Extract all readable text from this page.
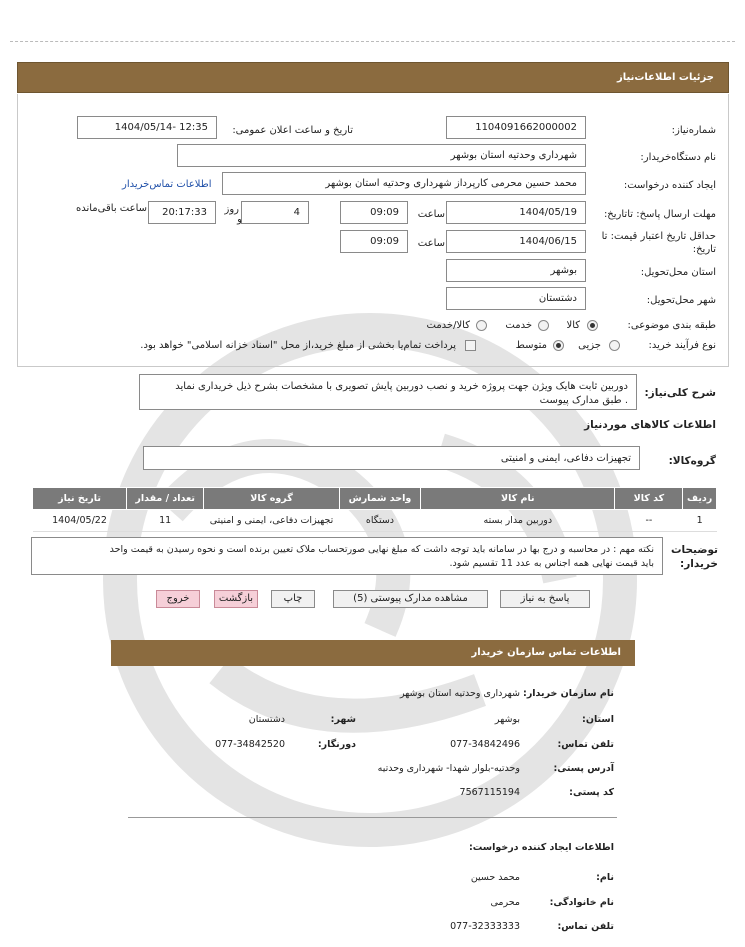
جزئیات اطلاعات‌نیاز
شماره‌نیاز:
1104091662000002
تاریخ و ساعت اعلان عمومی:
1404/05/14- 12:35
نام دستگاه‌خریدار:
شهرداری وحدتیه استان بوشهر
ایجاد کننده درخواست:
محمد حسین محرمی کارپرداز شهرداری وحدتیه استان بوشهر
اطلاعات تماس‌خریدار
مهلت ارسال پاسخ: تاتاریخ:
1404/05/19
ساعت
09:09
4
روز
و
20:17:33
ساعت باقی‌مانده
حداقل تاریخ اعتبار قیمت: تا
تاریخ:
1404/06/15
ساعت
09:09
استان محل‌تحویل:
بوشهر
شهر محل‌تحویل:
دشتستان
طبقه بندی موضوعی:
کالا
خدمت
کالا/خدمت
نوع فرآیند خرید:
جزیی
متوسط
پرداخت تمام‌یا بخشی از مبلغ خرید،از محل "اسناد خزانه اسلامی" خواهد بود.
شرح کلی‌نیاز:
دوربین ثابت هایک ویژن جهت پروژه خرید و نصب دوربین پایش تصویری با مشخصات بشرح ذیل خریداری نماید
. طبق مدارک پیوست
اطلاعات کالاهای موردنیاز
گروه‌کالا:
تجهیزات دفاعی، ایمنی و امنیتی
ردیف	کد کالا	نام کالا	واحد شمارش	گروه کالا	تعداد / مقدار	تاریخ نیاز
1	--	دوربین مدار بسته	دستگاه	تجهیزات دفاعی، ایمنی و امنیتی	11	1404/05/22
توضیحات
خریدار:
نکته مهم : در محاسبه و درج بها در سامانه باید توجه داشت که مبلغ نهایی صورتحساب ملاک تعیین برنده است و نحوه رسیدن به قیمت واحد
باید قیمت نهایی همه اجناس به عدد 11 تقسیم شود.
پاسخ به نیاز
مشاهده مدارک پیوستی (5)
چاپ
بازگشت
خروج
اطلاعات تماس سازمان خریدار
نام سازمان خریدار:
شهرداری وحدتیه استان بوشهر
استان:
بوشهر
شهر:
دشتستان
تلفن تماس:
077-34842496
دورنگار:
077-34842520
آدرس پستی:
وحدتیه-بلوار شهدا- شهرداری وحدتیه
کد پستی:
7567115194
اطلاعات ایجاد کننده درخواست:
نام:
محمد حسین
نام خانوادگی:
محرمی
تلفن تماس:
077-32333333
